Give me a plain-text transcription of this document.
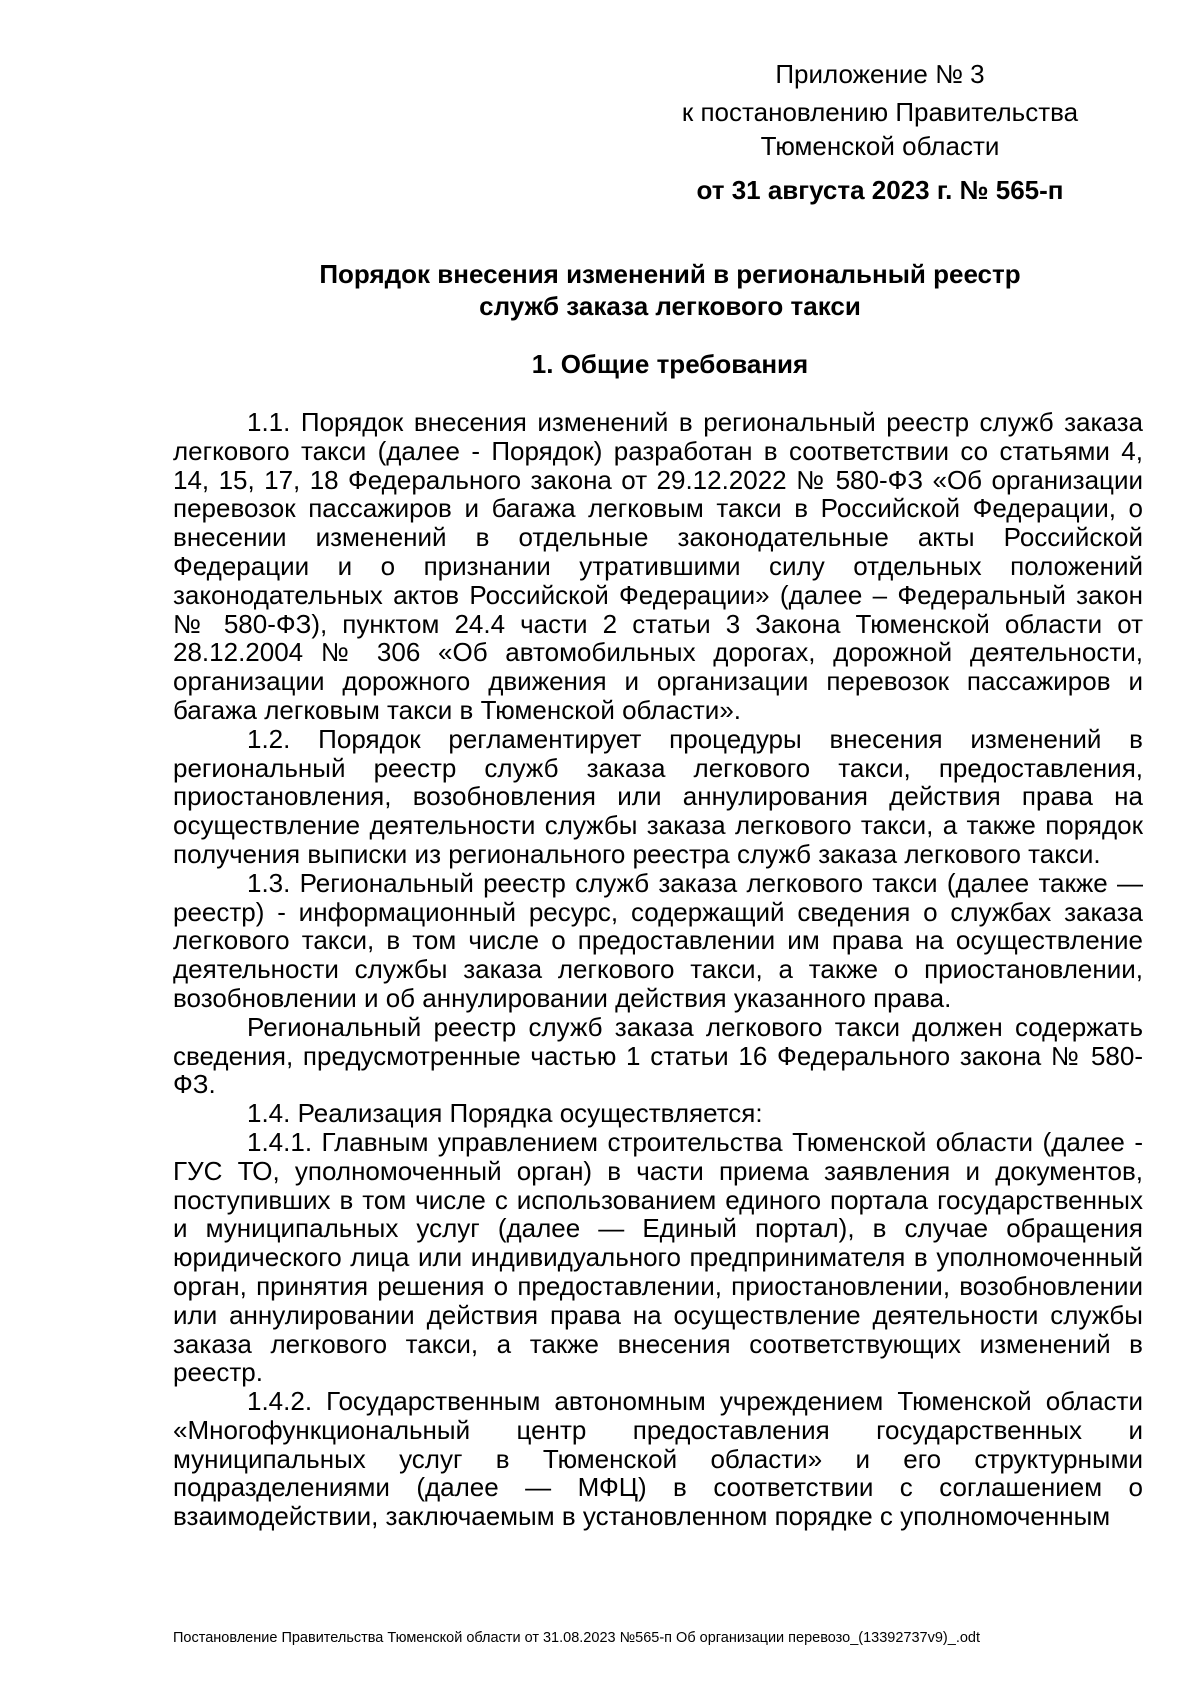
Приложение № 3
к постановлению Правительства
Тюменской области
от 31 августа 2023 г. № 565-п
Порядок внесения изменений в региональный реестр
служб заказа легкового такси
1. Общие требования

1.1. Порядок внесения изменений в региональный реестр служб заказа легкового такси (далее - Порядок) разработан в соответствии со статьями 4, 14, 15, 17, 18 Федерального закона от 29.12.2022 № 580-ФЗ «Об организации перевозок пассажиров и багажа легковым такси в Российской Федерации, о внесении изменений в отдельные законодательные акты Российской Федерации и о признании утратившими силу отдельных положений законодательных актов Российской Федерации» (далее – Федеральный закон № 580-ФЗ), пунктом 24.4 части 2 статьи 3 Закона Тюменской области от 28.12.2004 № 306 «Об автомобильных дорогах, дорожной деятельности, организации дорожного движения и организации перевозок пассажиров и багажа легковым такси в Тюменской области».

1.2. Порядок регламентирует процедуры внесения изменений в региональный реестр служб заказа легкового такси, предоставления, приостановления, возобновления или аннулирования действия права на осуществление деятельности службы заказа легкового такси, а также порядок получения выписки из регионального реестра служб заказа легкового такси.

1.3. Региональный реестр служб заказа легкового такси (далее также — реестр) - информационный ресурс, содержащий сведения о службах заказа легкового такси, в том числе о предоставлении им права на осуществление деятельности службы заказа легкового такси, а также о приостановлении, возобновлении и об аннулировании действия указанного права.

Региональный реестр служб заказа легкового такси должен содержать сведения, предусмотренные частью 1 статьи 16 Федерального закона № 580-ФЗ.

1.4. Реализация Порядка осуществляется:

1.4.1. Главным управлением строительства Тюменской области (далее - ГУС ТО, уполномоченный орган) в части приема заявления и документов, поступивших в том числе с использованием единого портала государственных и муниципальных услуг (далее — Единый портал), в случае обращения юридического лица или индивидуального предпринимателя в уполномоченный орган, принятия решения о предоставлении, приостановлении, возобновлении или аннулировании действия права на осуществление деятельности службы заказа легкового такси, а также внесения соответствующих изменений в реестр.

1.4.2. Государственным автономным учреждением Тюменской области «Многофункциональный центр предоставления государственных и муниципальных услуг в Тюменской области» и его структурными подразделениями (далее — МФЦ) в соответствии с соглашением о взаимодействии, заключаемым в установленном порядке с уполномоченным

Постановление Правительства Тюменской области от 31.08.2023 №565-п Об организации перевозо_(13392737v9)_.odt
